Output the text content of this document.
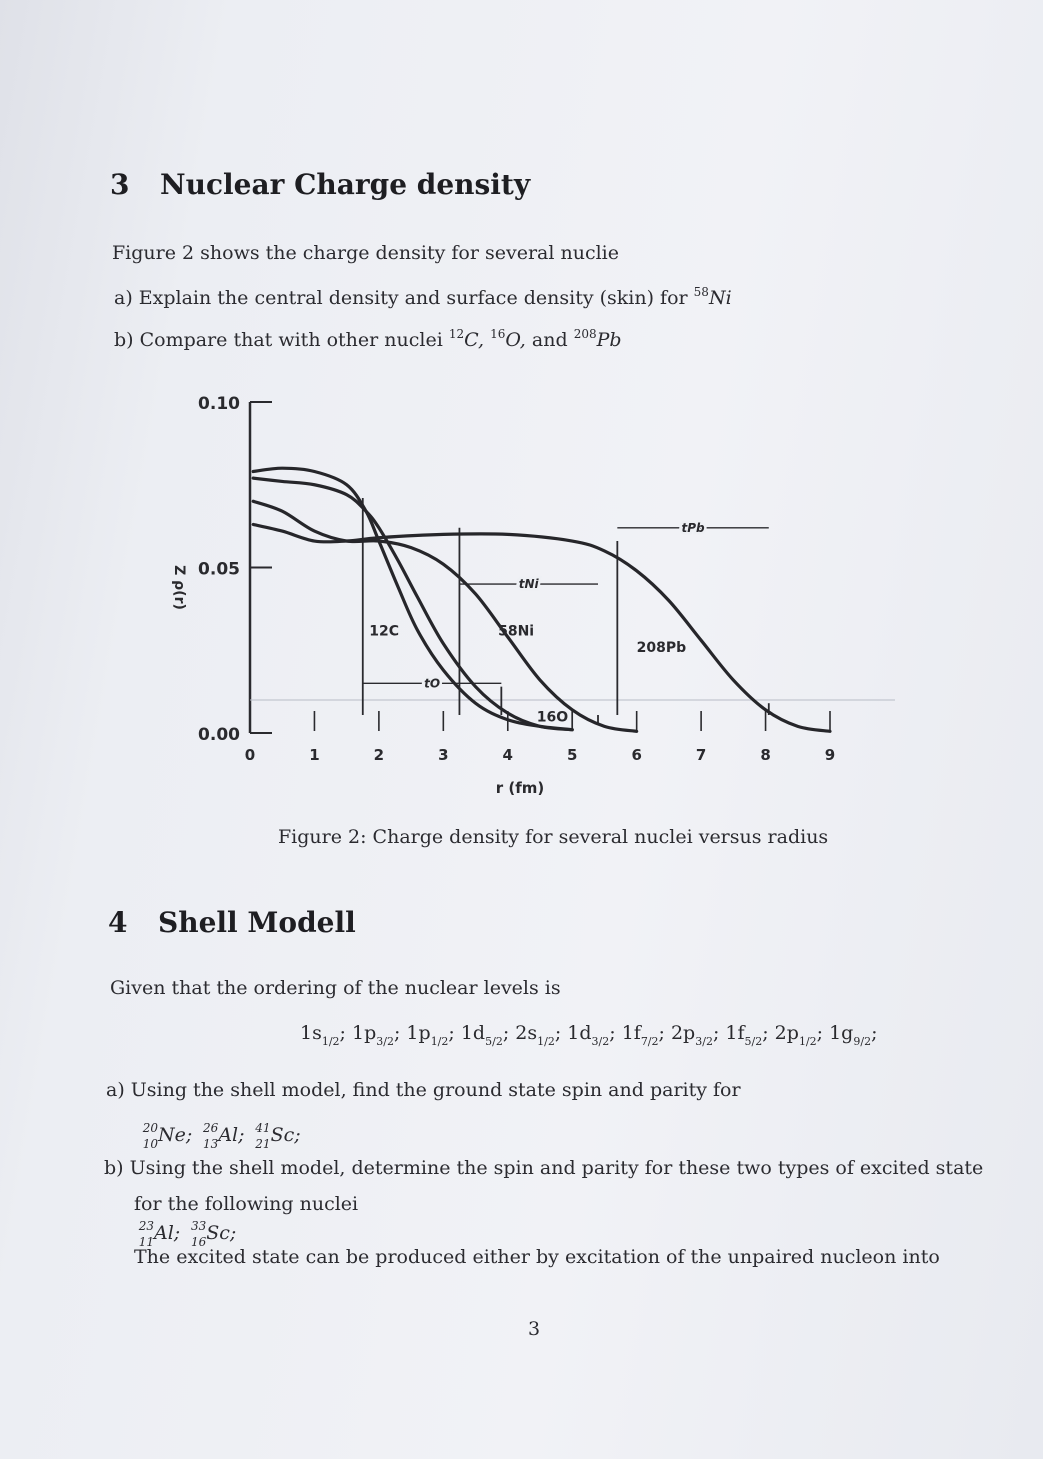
3 Nuclear Charge density
Figure 2 shows the charge density for several nuclie
a) Explain the central density and surface density (skin) for $^{58}$Ni
b) Compare that with other nuclei $^{12}$C, $^{16}$O, and $^{208}$Pb
0.10
0.05
0.00
0	1	2	3	4	5	6	7	8	9
r (fm)
Z ρ(r)
12C
16O
58Ni
208Pb
tO
tNi
tPb
Figure 2: Charge density for several nuclei versus radius
4 Shell Modell
Given that the ordering of the nuclear levels is
1s1/2; 1p3/2; 1p1/2; 1d5/2; 2s1/2; 1d3/2; 1f7/2; 2p3/2; 1f5/2; 2p1/2; 1g9/2;
a) Using the shell model, find the ground state spin and parity for
20
10 Ne; 26
13 Al; 41
21 Sc;
b) Using the shell model, determine the spin and parity for these two types of excited state
for the following nuclei
23
11 Al; 33
16 Sc;
The excited state can be produced either by excitation of the unpaired nucleon into
3
